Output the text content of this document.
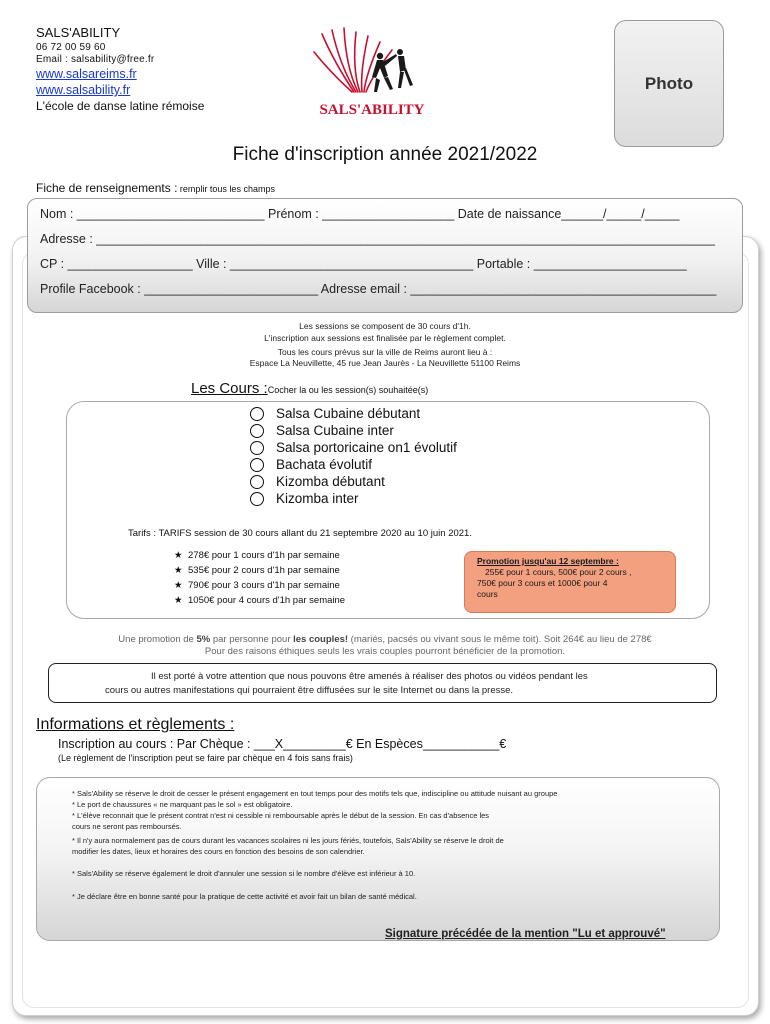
SALS'ABILITY
06 72 00 59 60
Email : salsability@free.fr
www.salsareims.fr
www.salsability.fr
L'école de danse latine rémoise	SALS'ABILITY
Photo
Fiche d'inscription année 2021/2022
Fiche de renseignements : remplir tous les champs
Nom : ___________________________ Prénom : ___________________ Date de naissance______/_____/_____
Adresse : _________________________________________________________________________________________
CP : __________________ Ville : ___________________________________ Portable : ______________________
Profile Facebook : _________________________ Adresse email : ____________________________________________
Les sessions se composent de 30 cours d'1h.
L'inscription aux sessions est finalisée par le règlement complet.
Tous les cours prévus sur la ville de Reims auront lieu à :
Espace La Neuvillette, 45 rue Jean Jaurès - La Neuvillette 51100 Reims
Les Cours :Cocher la ou les session(s) souhaitée(s)
Salsa Cubaine débutant
Salsa Cubaine inter
Salsa portoricaine on1 évolutif
Bachata évolutif
Kizomba débutant
Kizomba inter
Tarifs : TARIFS session de 30 cours allant du 21 septembre 2020 au 10 juin 2021.
★ 278€ pour 1 cours d'1h par semaine
★ 535€ pour 2 cours d'1h par semaine
★ 790€ pour 3 cours d'1h par semaine
★ 1050€ pour 4 cours d'1h par semaine
Promotion jusqu'au 12 septembre :
255€ pour 1 cours, 500€ pour 2 cours ,
750€ pour 3 cours et 1000€ pour 4
cours
Une promotion de 5% par personne pour les couples! (mariés, pacsés ou vivant sous le même toit). Soit 264€ au lieu de 278€
Pour des raisons éthiques seuls les vrais couples pourront bénéficier de la promotion.
Il est porté à votre attention que nous pouvons être amenés à réaliser des photos ou vidéos pendant les
cours ou autres manifestations qui pourraient être diffusées sur le site Internet ou dans la presse.
Informations et règlements :
Inscription au cours : Par Chèque : ___X_________€ En Espèces___________€
(Le règlement de l'inscription peut se faire par chèque en 4 fois sans frais)
* Sals'Ability se réserve le droit de cesser le présent engagement en tout temps pour des motifs tels que, indiscipline ou attitude nuisant au groupe
* Le port de chaussures « ne marquant pas le sol » est obligatoire.
* L'élève reconnait que le présent contrat n'est ni cessible ni remboursable après le début de la session. En cas d'absence les
cours ne seront pas remboursés.
* Il n'y aura normalement pas de cours durant les vacances scolaires ni les jours fériés, toutefois, Sals'Ability se réserve le droit de
modifier les dates, lieux et horaires des cours en fonction des besoins de son calendrier.
* Sals'Ability se réserve également le droit d'annuler une session si le nombre d'élève est inférieur à 10.
* Je déclare être en bonne santé pour la pratique de cette activité et avoir fait un bilan de santé médical.
Signature précédée de la mention "Lu et approuvé"
